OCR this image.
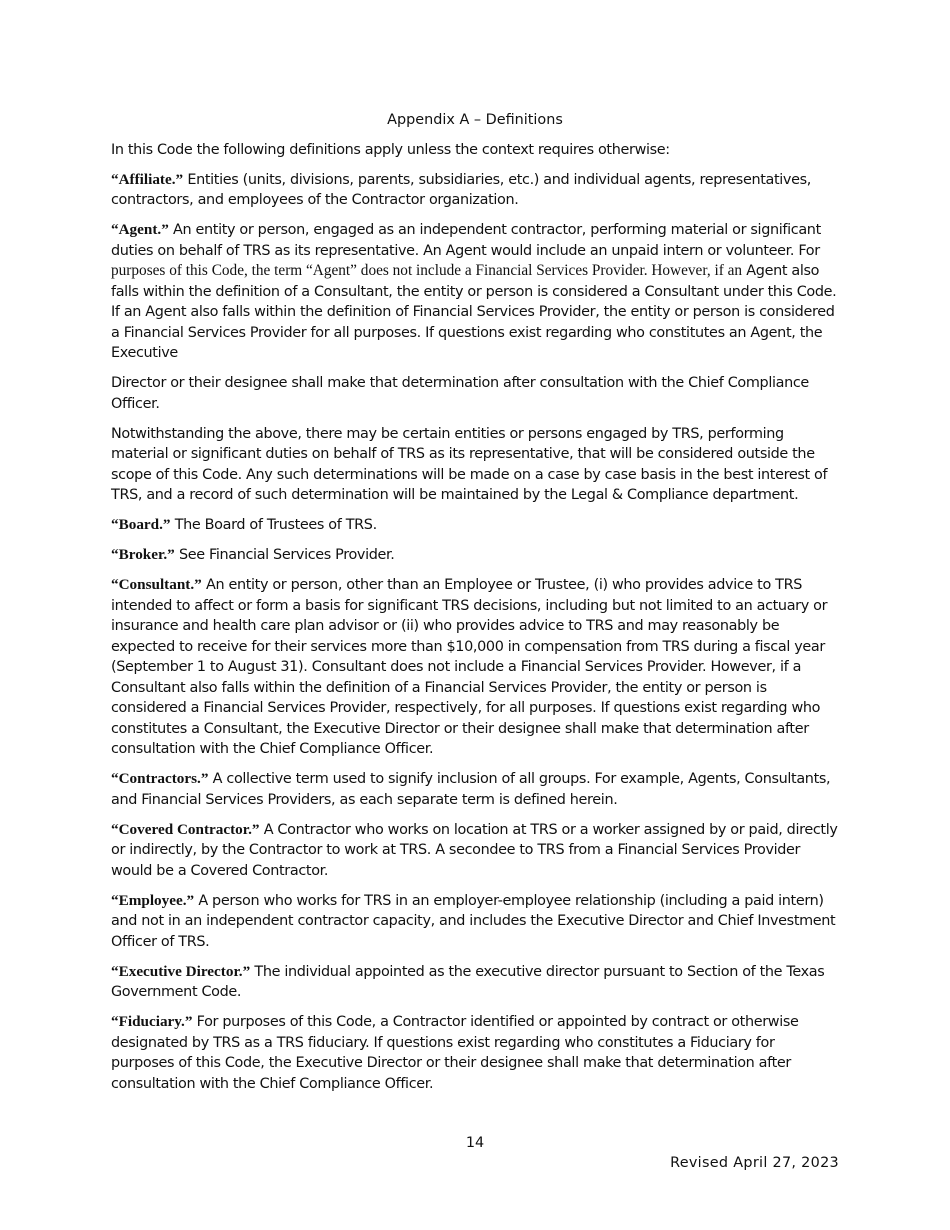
Appendix A – Definitions

In this Code the following definitions apply unless the context requires otherwise:

“Affiliate.” Entities (units, divisions, parents, subsidiaries, etc.) and individual agents, representatives, contractors, and employees of the Contractor organization.

“Agent.” An entity or person, engaged as an independent contractor, performing material or significant duties on behalf of TRS as its representative. An Agent would include an unpaid intern or volunteer. For purposes of this Code, the term “Agent” does not include a Financial Services Provider. However, if an Agent also falls within the definition of a Consultant, the entity or person is considered a Consultant under this Code. If an Agent also falls within the definition of Financial Services Provider, the entity or person is considered a Financial Services Provider for all purposes. If questions exist regarding who constitutes an Agent, the Executive

Director or their designee shall make that determination after consultation with the Chief Compliance Officer.

Notwithstanding the above, there may be certain entities or persons engaged by TRS, performing material or significant duties on behalf of TRS as its representative, that will be considered outside the scope of this Code. Any such determinations will be made on a case by case basis in the best interest of TRS, and a record of such determination will be maintained by the Legal & Compliance department.

“Board.” The Board of Trustees of TRS.

“Broker.” See Financial Services Provider.

“Consultant.” An entity or person, other than an Employee or Trustee, (i) who provides advice to TRS intended to affect or form a basis for significant TRS decisions, including but not limited to an actuary or insurance and health care plan advisor or (ii) who provides advice to TRS and may reasonably be expected to receive for their services more than $10,000 in compensation from TRS during a fiscal year (September 1 to August 31). Consultant does not include a Financial Services Provider. However, if a Consultant also falls within the definition of a Financial Services Provider, the entity or person is considered a Financial Services Provider, respectively, for all purposes. If questions exist regarding who constitutes a Consultant, the Executive Director or their designee shall make that determination after consultation with the Chief Compliance Officer.

“Contractors.” A collective term used to signify inclusion of all groups. For example, Agents, Consultants, and Financial Services Providers, as each separate term is defined herein.

“Covered Contractor.” A Contractor who works on location at TRS or a worker assigned by or paid, directly or indirectly, by the Contractor to work at TRS. A secondee to TRS from a Financial Services Provider would be a Covered Contractor.

“Employee.” A person who works for TRS in an employer-employee relationship (including a paid intern) and not in an independent contractor capacity, and includes the Executive Director and Chief Investment Officer of TRS.

“Executive Director.” The individual appointed as the executive director pursuant to Section of the Texas Government Code.

“Fiduciary.” For purposes of this Code, a Contractor identified or appointed by contract or otherwise designated by TRS as a TRS fiduciary. If questions exist regarding who constitutes a Fiduciary for purposes of this Code, the Executive Director or their designee shall make that determination after consultation with the Chief Compliance Officer.

14
Revised April 27, 2023
